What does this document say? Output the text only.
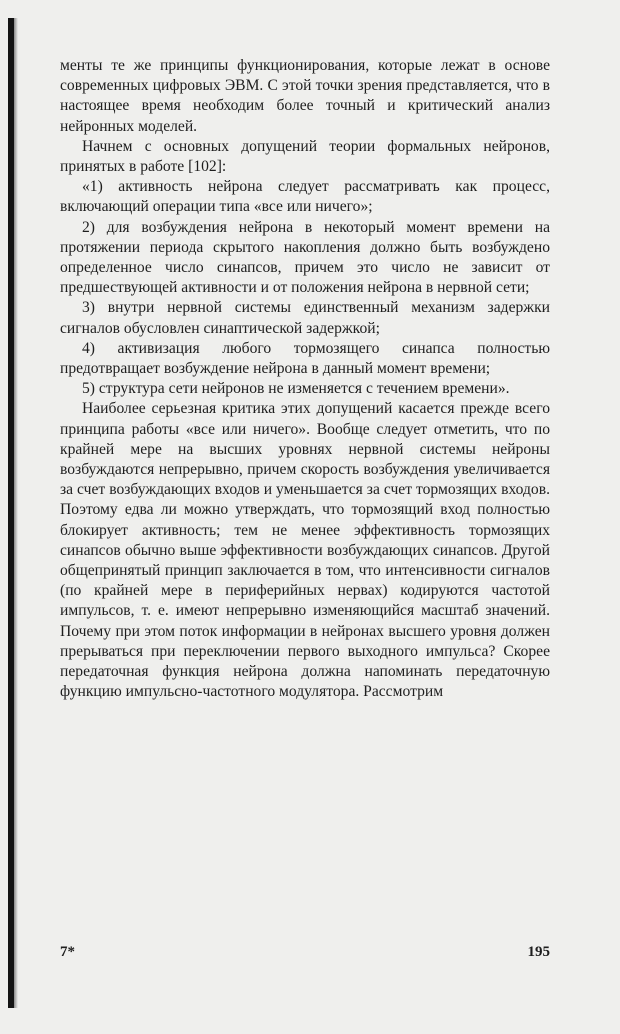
менты те же принципы функционирования, которые лежат в основе современных цифровых ЭВМ. С этой точки зрения представляется, что в настоящее время необходим более точный и критический анализ нейронных моделей.

Начнем с основных допущений теории формальных нейронов, принятых в работе [102]:

«1) активность нейрона следует рассматривать как процесс, включающий операции типа «все или ничего»;

2) для возбуждения нейрона в некоторый момент времени на протяжении периода скрытого накопления должно быть возбуждено определенное число синапсов, причем это число не зависит от предшествующей активности и от положения нейрона в нервной сети;

3) внутри нервной системы единственный механизм задержки сигналов обусловлен синаптической задержкой;

4) активизация любого тормозящего синапса полностью предотвращает возбуждение нейрона в данный момент времени;

5) структура сети нейронов не изменяется с течением времени».

Наиболее серьезная критика этих допущений касается прежде всего принципа работы «все или ничего». Вообще следует отметить, что по крайней мере на высших уровнях нервной системы нейроны возбуждаются непрерывно, причем скорость возбуждения увеличивается за счет возбуждающих входов и уменьшается за счет тормозящих входов. Поэтому едва ли можно утверждать, что тормозящий вход полностью блокирует активность; тем не менее эффективность тормозящих синапсов обычно выше эффективности возбуждающих синапсов. Другой общепринятый принцип заключается в том, что интенсивности сигналов (по крайней мере в периферийных нервах) кодируются частотой импульсов, т. е. имеют непрерывно изменяющийся масштаб значений. Почему при этом поток информации в нейронах высшего уровня должен прерываться при переключении первого выходного импульса? Скорее передаточная функция нейрона должна напоминать передаточную функцию импульсно-частотного модулятора. Рассмотрим

7*	195
